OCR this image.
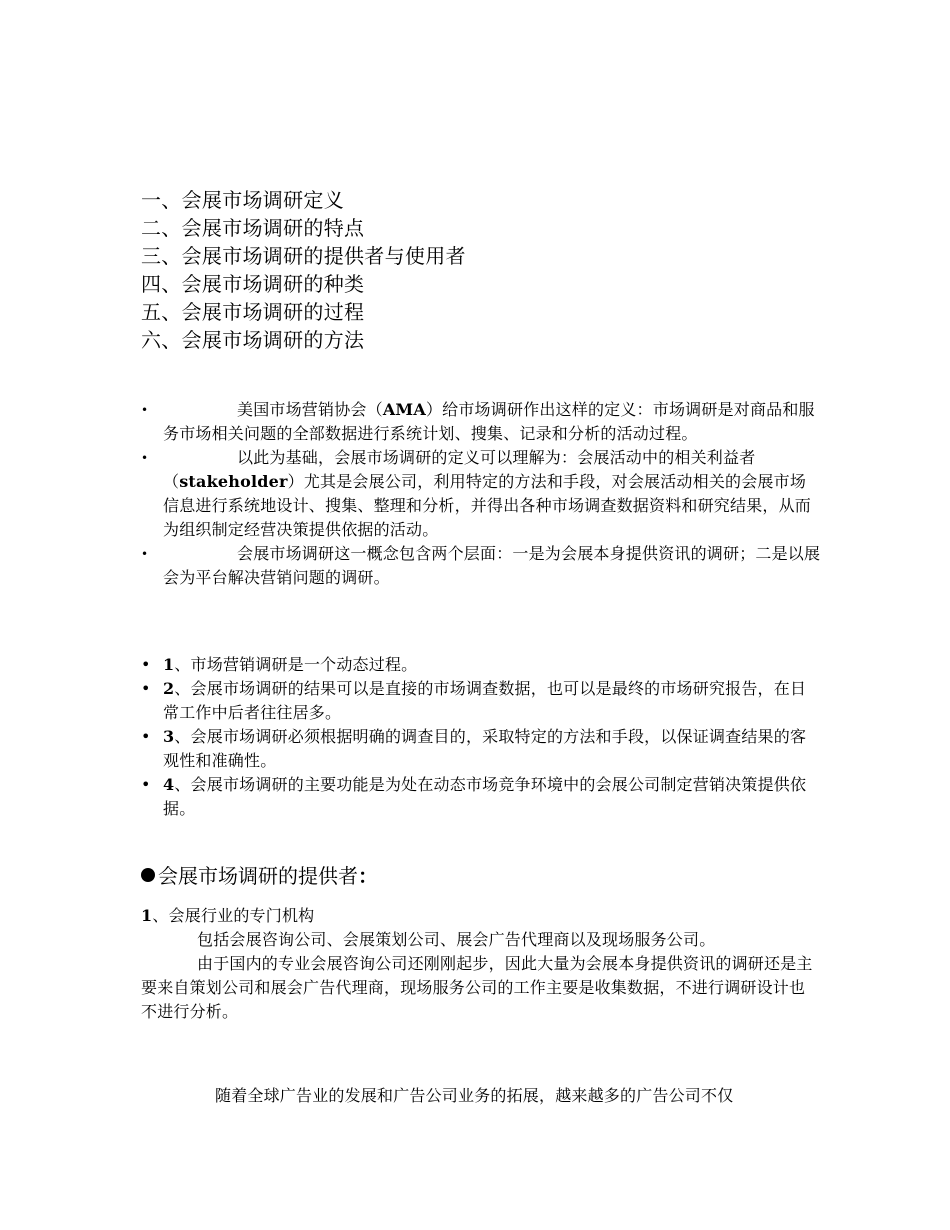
一、会展市场调研定义
二、会展市场调研的特点
三、会展市场调研的提供者与使用者
四、会展市场调研的种类
五、会展市场调研的过程
六、会展市场调研的方法
•	美国市场营销协会（AMA）给市场调研作出这样的定义：市场调研是对商品和服务市场相关问题的全部数据进行系统计划、搜集、记录和分析的活动过程。
•	以此为基础，会展市场调研的定义可以理解为：会展活动中的相关利益者（stakeholder）尤其是会展公司，利用特定的方法和手段，对会展活动相关的会展市场信息进行系统地设计、搜集、整理和分析，并得出各种市场调查数据资料和研究结果，从而为组织制定经营决策提供依据的活动。
•	会展市场调研这一概念包含两个层面：一是为会展本身提供资讯的调研；二是以展会为平台解决营销问题的调研。
• 1、市场营销调研是一个动态过程。
• 2、会展市场调研的结果可以是直接的市场调查数据，也可以是最终的市场研究报告，在日常工作中后者往往居多。
• 3、会展市场调研必须根据明确的调查目的，采取特定的方法和手段，以保证调查结果的客观性和准确性。
• 4、会展市场调研的主要功能是为处在动态市场竞争环境中的会展公司制定营销决策提供依据。
会展市场调研的提供者：

1、会展行业的专门机构

包括会展咨询公司、会展策划公司、展会广告代理商以及现场服务公司。

由于国内的专业会展咨询公司还刚刚起步，因此大量为会展本身提供资讯的调研还是主要来自策划公司和展会广告代理商，现场服务公司的工作主要是收集数据，不进行调研设计也不进行分析。

随着全球广告业的发展和广告公司业务的拓展，越来越多的广告公司不仅
